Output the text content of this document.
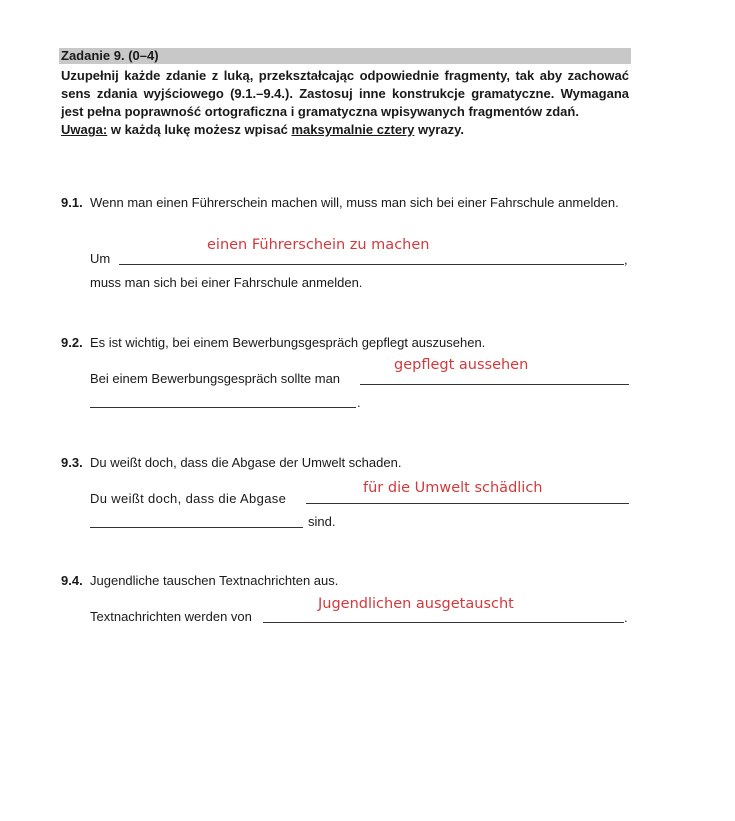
Zadanie 9. (0–4)

Uzupełnij każde zdanie z luką, przekształcając odpowiednie fragmenty, tak aby zachować sens zdania wyjściowego (9.1.–9.4.). Zastosuj inne konstrukcje gramatyczne. Wymagana jest pełna poprawność ortograficzna i gramatyczna wpisywanych fragmentów zdań.

Uwaga: w każdą lukę możesz wpisać maksymalnie cztery wyrazy.

9.1. Wenn man einen Führerschein machen will, muss man sich bei einer Fahrschule anmelden.
einen Führerschein zu machen
Um	,
muss man sich bei einer Fahrschule anmelden.
9.2. Es ist wichtig, bei einem Bewerbungsgespräch gepflegt auszusehen.
gepflegt aussehen
Bei einem Bewerbungsgespräch sollte man
.
9.3. Du weißt doch, dass die Abgase der Umwelt schaden.
für die Umwelt schädlich
Du weißt doch, dass die Abgase
sind.
9.4. Jugendliche tauschen Textnachrichten aus.
Jugendlichen ausgetauscht
Textnachrichten werden von	.
